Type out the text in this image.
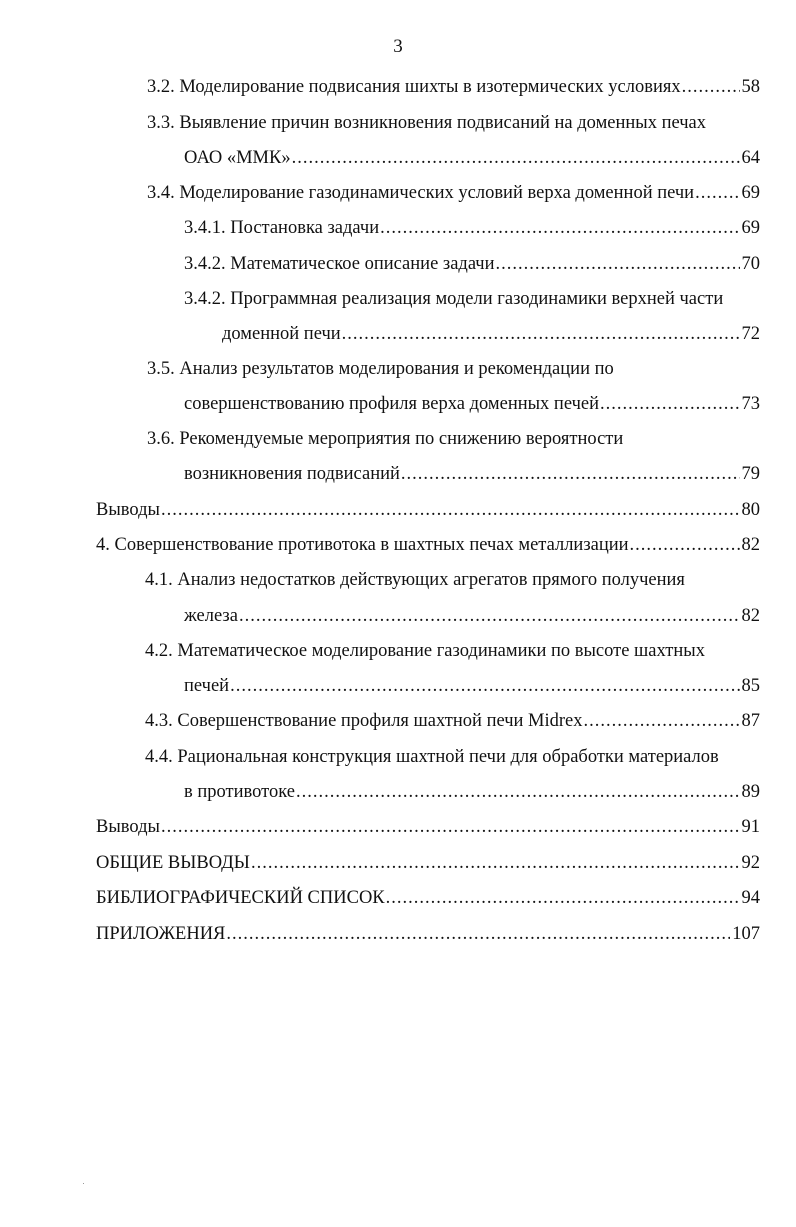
3
3.2. Моделирование подвисания шихты в изотермических условиях .....	58
3.3. Выявление причин возникновения подвисаний на доменных печах
ОАО «ММК» .....	64
3.4. Моделирование газодинамических условий верха доменной печи .....	69
3.4.1. Постановка задачи .....	69
3.4.2. Математическое описание задачи .....	70
3.4.2. Программная реализация модели газодинамики верхней части
доменной печи .....	72
3.5. Анализ результатов моделирования и рекомендации по
совершенствованию профиля верха доменных печей .....	73
3.6. Рекомендуемые мероприятия по снижению вероятности
возникновения подвисаний .....	79
Выводы .....	80
4. Совершенствование противотока в шахтных печах металлизации .....	82
4.1. Анализ недостатков действующих агрегатов прямого получения
железа .....	82
4.2. Математическое моделирование газодинамики по высоте шахтных
печей .....	85
4.3. Совершенствование профиля шахтной печи Midrex .....	87
4.4. Рациональная конструкция шахтной печи для обработки материалов
в противотоке .....	89
Выводы .....	91
ОБЩИЕ ВЫВОДЫ .....	92
БИБЛИОГРАФИЧЕСКИЙ СПИСОК .....	94
ПРИЛОЖЕНИЯ .....	107
